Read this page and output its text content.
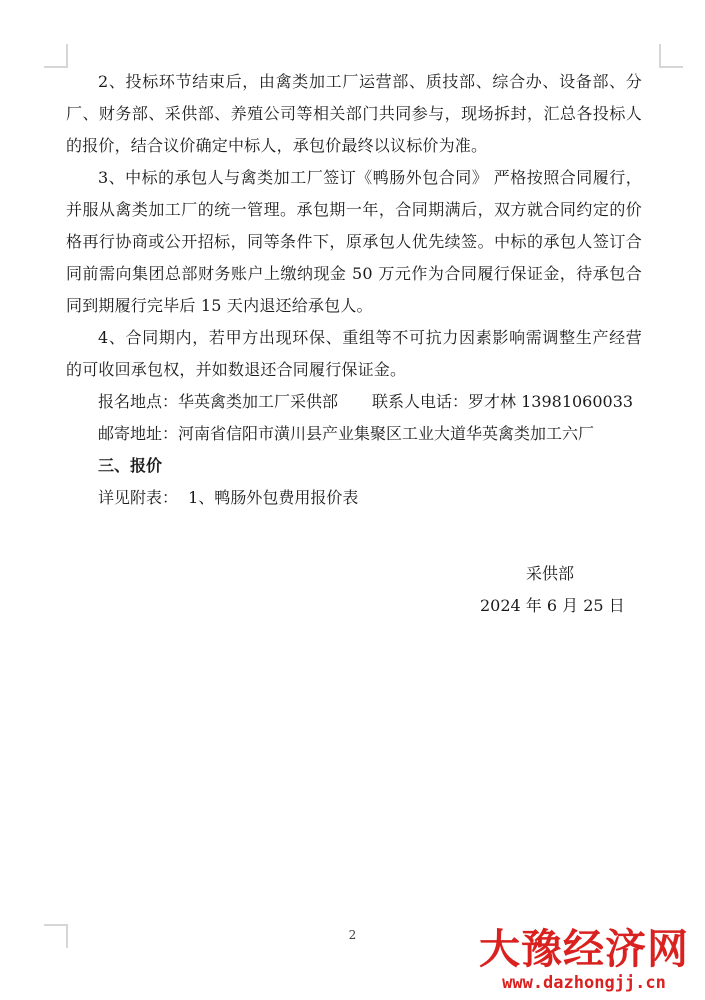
2、投标环节结束后，由禽类加工厂运营部、质技部、综合办、设备部、分厂、财务部、采供部、养殖公司等相关部门共同参与，现场拆封，汇总各投标人的报价，结合议价确定中标人，承包价最终以议标价为准。

3、中标的承包人与禽类加工厂签订《鸭肠外包合同》 严格按照合同履行，并服从禽类加工厂的统一管理。承包期一年，合同期满后，双方就合同约定的价格再行协商或公开招标，同等条件下，原承包人优先续签。中标的承包人签订合同前需向集团总部财务账户上缴纳现金 50 万元作为合同履行保证金，待承包合同到期履行完毕后 15 天内退还给承包人。

4、合同期内，若甲方出现环保、重组等不可抗力因素影响需调整生产经营的可收回承包权，并如数退还合同履行保证金。

报名地点：华英禽类加工厂采供部 联系人电话：罗才林 13981060033

邮寄地址：河南省信阳市潢川县产业集聚区工业大道华英禽类加工六厂

三、报价

详见附表：  1、鸭肠外包费用报价表

采供部
2024 年 6 月 25 日
2	大豫经济网
www.dazhongjj.cn
